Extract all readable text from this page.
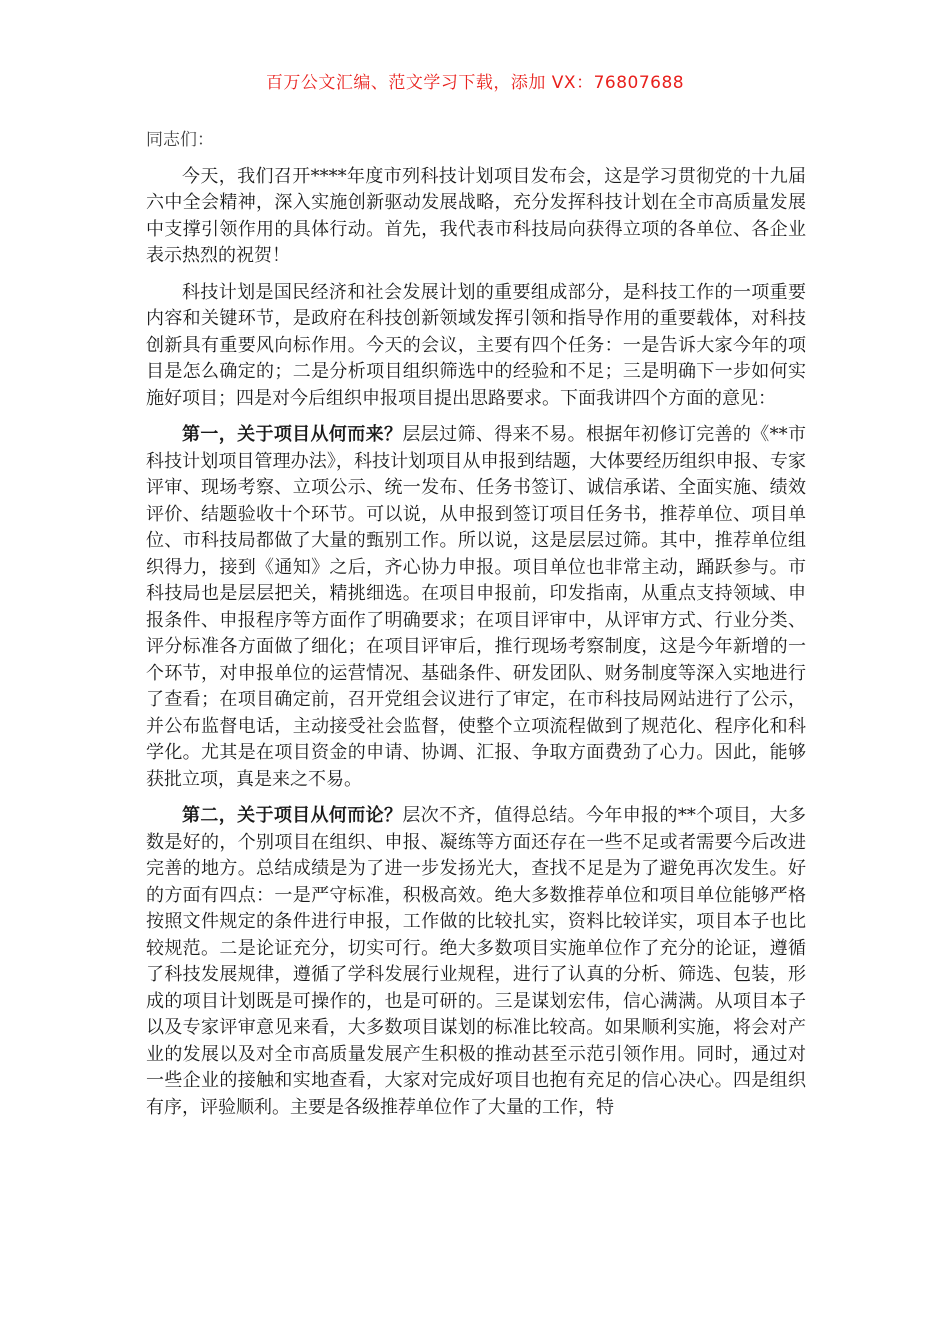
百万公文汇编、范文学习下载，添加 VX：76807688

同志们：

今天，我们召开****年度市列科技计划项目发布会，这是学习贯彻党的十九届六中全会精神，深入实施创新驱动发展战略，充分发挥科技计划在全市高质量发展中支撑引领作用的具体行动。首先，我代表市科技局向获得立项的各单位、各企业表示热烈的祝贺！

科技计划是国民经济和社会发展计划的重要组成部分，是科技工作的一项重要内容和关键环节，是政府在科技创新领域发挥引领和指导作用的重要载体，对科技创新具有重要风向标作用。今天的会议，主要有四个任务：一是告诉大家今年的项目是怎么确定的；二是分析项目组织筛选中的经验和不足；三是明确下一步如何实施好项目；四是对今后组织申报项目提出思路要求。下面我讲四个方面的意见：

第一，关于项目从何而来？层层过筛、得来不易。根据年初修订完善的《**市科技计划项目管理办法》，科技计划项目从申报到结题，大体要经历组织申报、专家评审、现场考察、立项公示、统一发布、任务书签订、诚信承诺、全面实施、绩效评价、结题验收十个环节。可以说，从申报到签订项目任务书，推荐单位、项目单位、市科技局都做了大量的甄别工作。所以说，这是层层过筛。其中，推荐单位组织得力，接到《通知》之后，齐心协力申报。项目单位也非常主动，踊跃参与。市科技局也是层层把关，精挑细选。在项目申报前，印发指南，从重点支持领域、申报条件、申报程序等方面作了明确要求；在项目评审中，从评审方式、行业分类、评分标准各方面做了细化；在项目评审后，推行现场考察制度，这是今年新增的一个环节，对申报单位的运营情况、基础条件、研发团队、财务制度等深入实地进行了查看；在项目确定前，召开党组会议进行了审定，在市科技局网站进行了公示，并公布监督电话，主动接受社会监督，使整个立项流程做到了规范化、程序化和科学化。尤其是在项目资金的申请、协调、汇报、争取方面费劲了心力。因此，能够获批立项，真是来之不易。

第二，关于项目从何而论？层次不齐，值得总结。今年申报的**个项目，大多数是好的，个别项目在组织、申报、凝练等方面还存在一些不足或者需要今后改进完善的地方。总结成绩是为了进一步发扬光大，查找不足是为了避免再次发生。好的方面有四点：一是严守标准，积极高效。绝大多数推荐单位和项目单位能够严格按照文件规定的条件进行申报，工作做的比较扎实，资料比较详实，项目本子也比较规范。二是论证充分，切实可行。绝大多数项目实施单位作了充分的论证，遵循了科技发展规律，遵循了学科发展行业规程，进行了认真的分析、筛选、包装，形成的项目计划既是可操作的，也是可研的。三是谋划宏伟，信心满满。从项目本子以及专家评审意见来看，大多数项目谋划的标准比较高。如果顺利实施，将会对产业的发展以及对全市高质量发展产生积极的推动甚至示范引领作用。同时，通过对一些企业的接触和实地查看，大家对完成好项目也抱有充足的信心决心。四是组织有序，评验顺利。主要是各级推荐单位作了大量的工作，特
